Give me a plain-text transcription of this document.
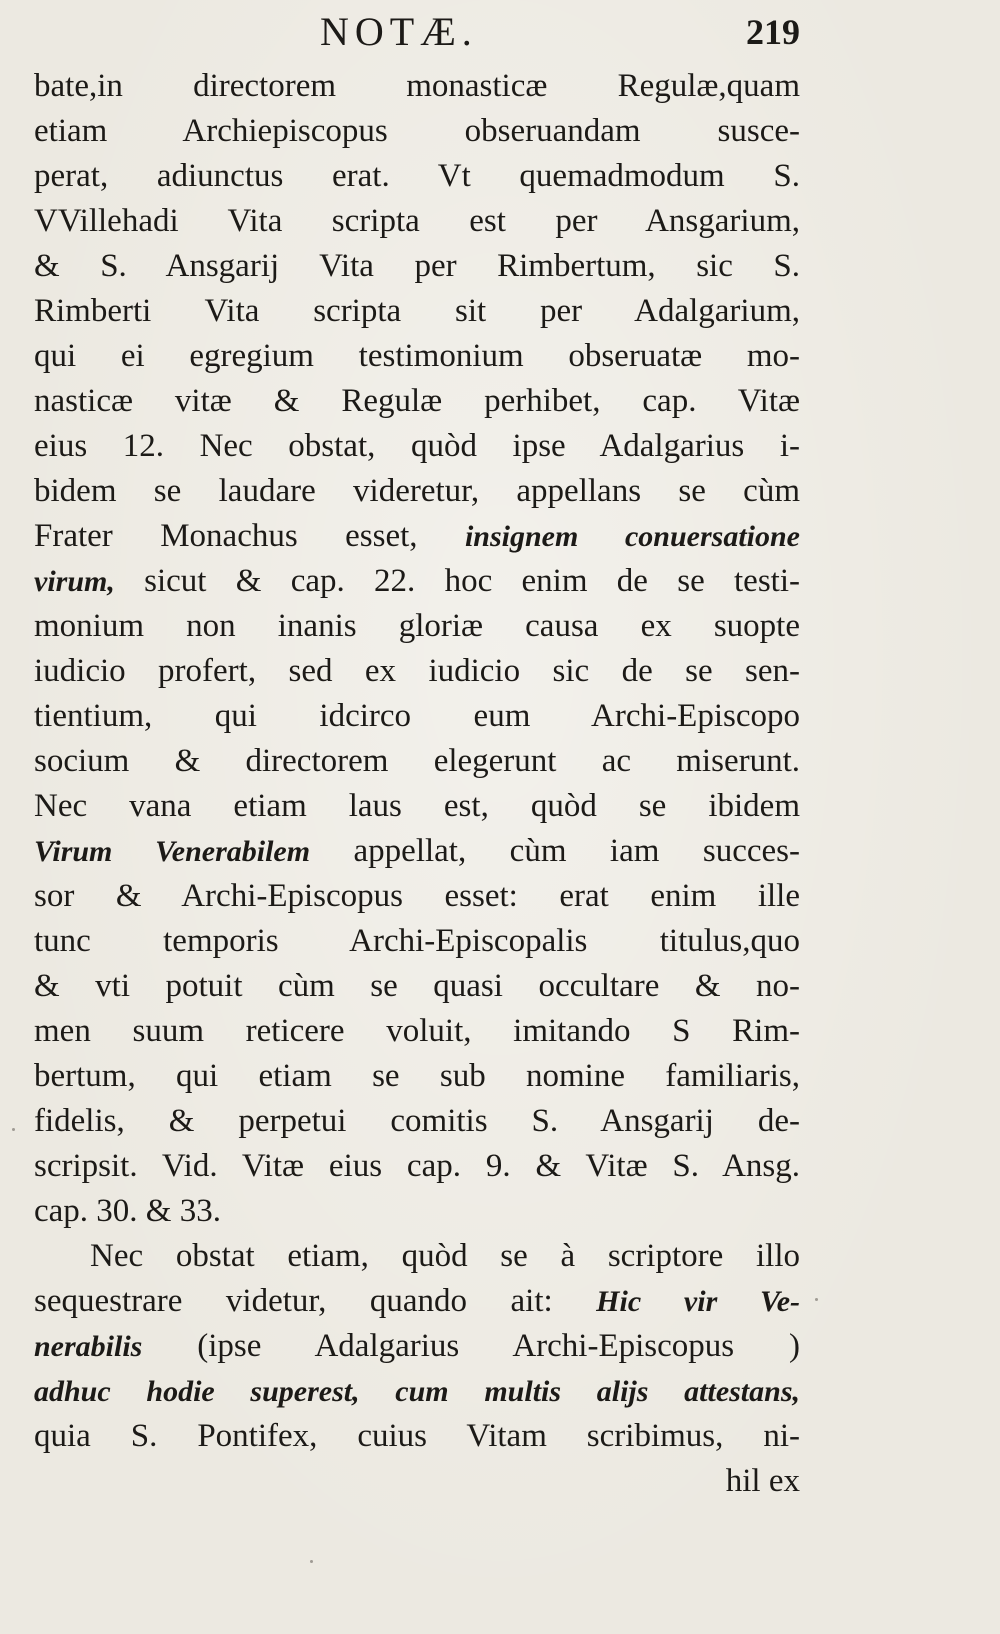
NOTÆ.	219
bate,in directorem monasticæ Regulæ,quam
etiam Archiepiscopus obseruandam susce-
perat, adiunctus erat. Vt quemadmodum S.
VVillehadi Vita scripta est per Ansgarium,
& S. Ansgarij Vita per Rimbertum, sic S.
Rimberti Vita scripta sit per Adalgarium,
qui ei egregium testimonium obseruatæ mo-
nasticæ vitæ & Regulæ perhibet, cap. Vitæ
eius 12. Nec obstat, quòd ipse Adalgarius i-
bidem se laudare videretur, appellans se cùm
Frater Monachus esset, insignem conuersatione
virum, sicut & cap. 22. hoc enim de se testi-
monium non inanis gloriæ causa ex suopte
iudicio profert, sed ex iudicio sic de se sen-
tientium, qui idcirco eum Archi-Episcopo
socium & directorem elegerunt ac miserunt.
Nec vana etiam laus est, quòd se ibidem
Virum Venerabilem appellat, cùm iam succes-
sor & Archi-Episcopus esset: erat enim ille
tunc temporis Archi-Episcopalis titulus,quo
& vti potuit cùm se quasi occultare & no-
men suum reticere voluit, imitando S Rim-
bertum, qui etiam se sub nomine familiaris,
fidelis, & perpetui comitis S. Ansgarij de-
scripsit. Vid. Vitæ eius cap. 9. & Vitæ S. Ansg.
cap. 30. & 33.
Nec obstat etiam, quòd se à scriptore illo
sequestrare videtur, quando ait: Hic vir Ve-
nerabilis (ipse Adalgarius Archi-Episcopus )
adhuc hodie superest, cum multis alijs attestans,
quia S. Pontifex, cuius Vitam scribimus, ni-
hil ex
